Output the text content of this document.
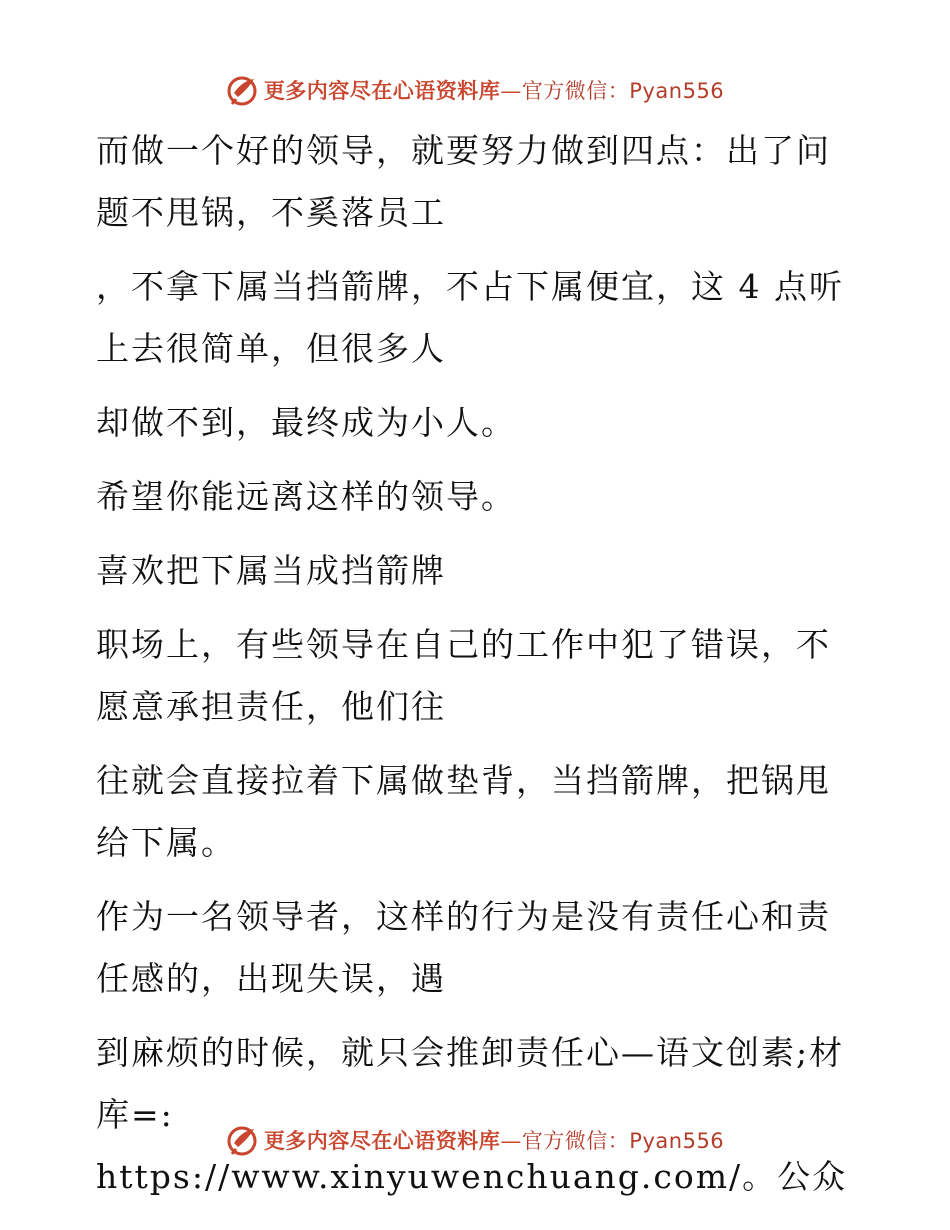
更多内容尽在心语资料库—官方微信：Pyan556

而做一个好的领导，就要努力做到四点：出了问题不甩锅，不奚落员工

，不拿下属当挡箭牌，不占下属便宜，这 4 点听上去很简单，但很多人

却做不到，最终成为小人。

希望你能远离这样的领导。

喜欢把下属当成挡箭牌

职场上，有些领导在自己的工作中犯了错误，不愿意承担责任，他们往

往就会直接拉着下属做垫背，当挡箭牌，把锅甩给下属。

作为一名领导者，这样的行为是没有责任心和责任感的，出现失误，遇

到麻烦的时候，就只会推卸责任心—语文创素;材库=: https://www.xinyuwenchuang.com/。公众

更多内容尽在心语资料库—官方微信：Pyan556
